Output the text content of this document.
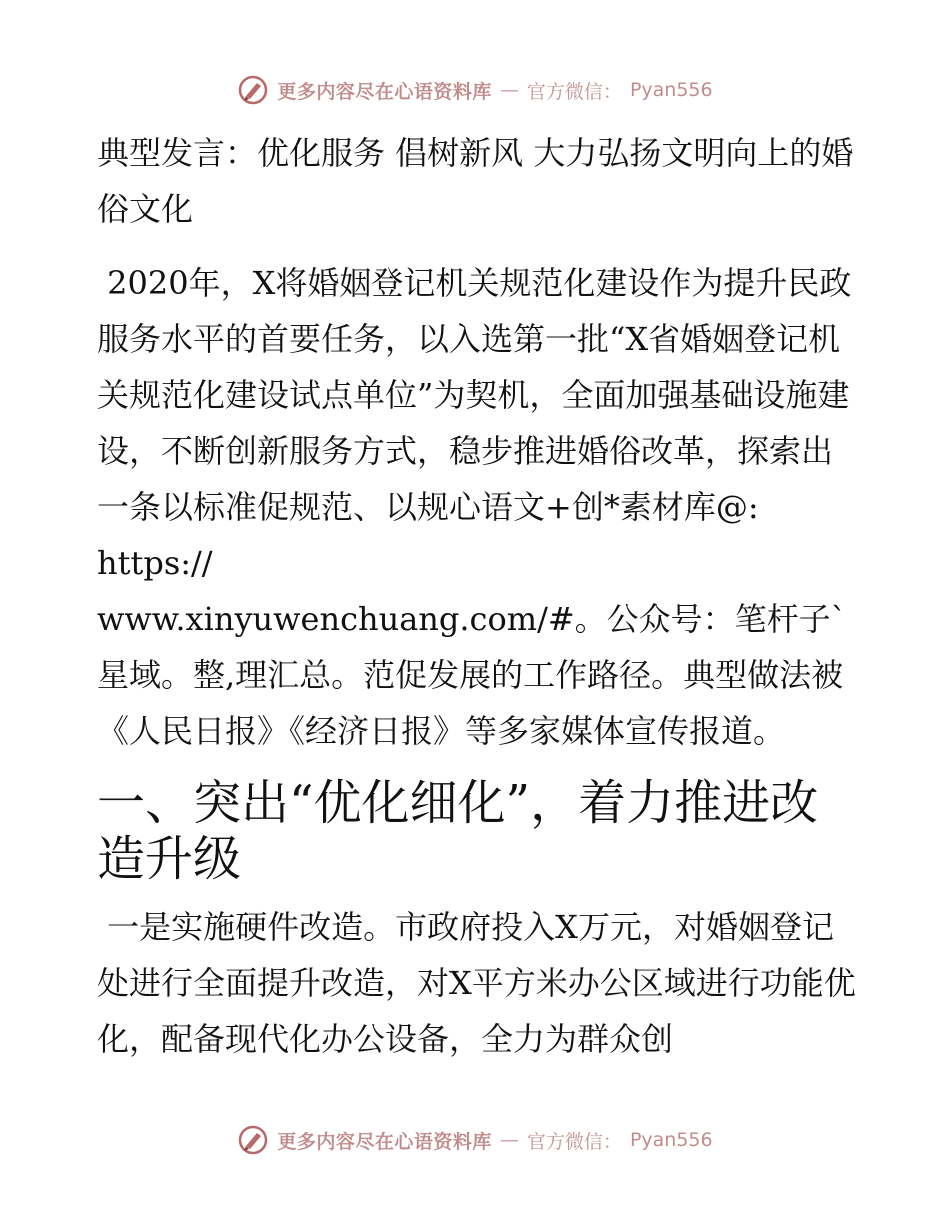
更多内容尽在心语资料库 — 官方微信： Pyan556
典型发言：优化服务 倡树新风 大力弘扬文明向上的婚俗文化

2020年，X将婚姻登记机关规范化建设作为提升民政服务水平的首要任务，以入选第一批“X省婚姻登记机关规范化建设试点单位”为契机，全面加强基础设施建设，不断创新服务方式，稳步推进婚俗改革，探索出一条以标准促规范、以规心语文+创*素材库@: https://
www.xinyuwenchuang.com/#。公众号：笔杆子`星域。整,理汇总。范促发展的工作路径。典型做法被《人民日报》《经济日报》等多家媒体宣传报道。

一、突出“优化细化”，着力推进改造升级

一是实施硬件改造。市政府投入X万元，对婚姻登记处进行全面提升改造，对X平方米办公区域进行功能优化，配备现代化办公设备，全力为群众创

更多内容尽在心语资料库 — 官方微信： Pyan556
